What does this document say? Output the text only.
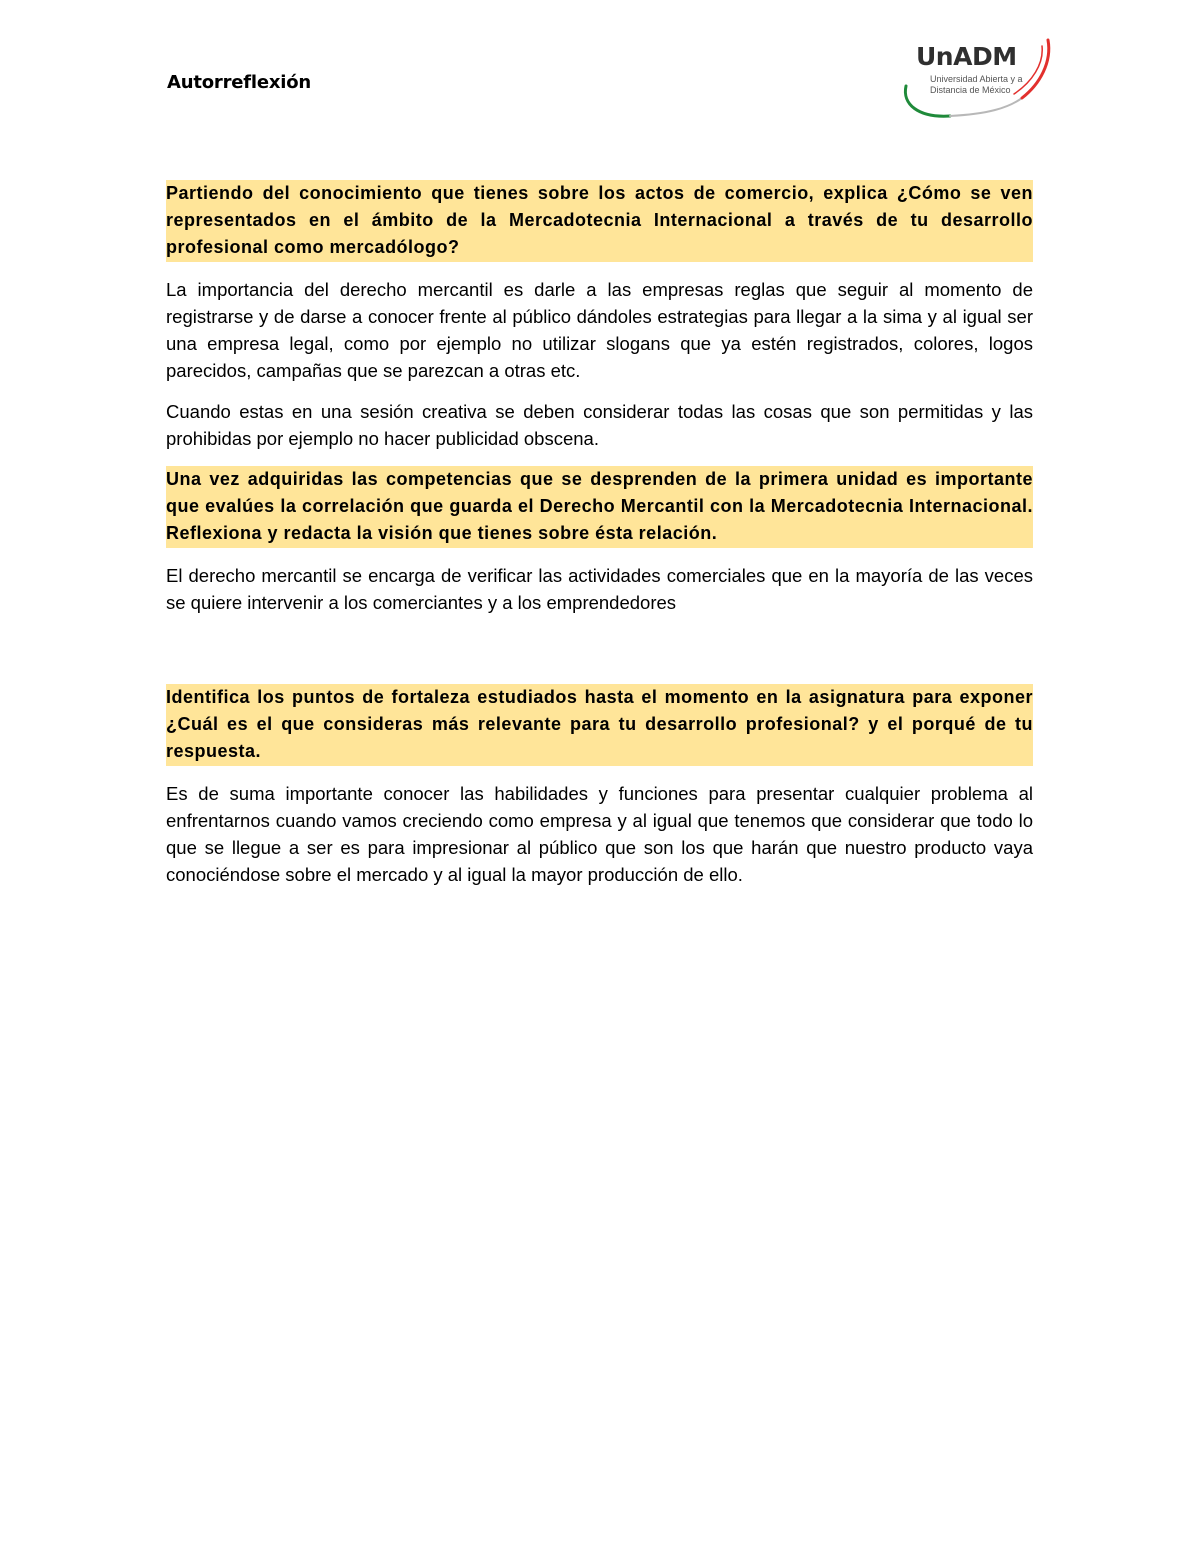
Autorreflexión
UnADM
Universidad Abierta y a
Distancia de México

Partiendo del conocimiento que tienes sobre los actos de comercio, explica ¿Cómo se ven representados en el ámbito de la Mercadotecnia Internacional a través de tu desarrollo profesional como mercadólogo?

La importancia del derecho mercantil es darle a las empresas reglas que seguir al momento de registrarse y de darse a conocer frente al público dándoles estrategias para llegar a la sima y al igual ser una empresa legal, como por ejemplo no utilizar slogans que ya estén registrados, colores, logos parecidos, campañas que se parezcan a otras etc.

Cuando estas en una sesión creativa se deben considerar todas las cosas que son permitidas y las prohibidas por ejemplo no hacer publicidad obscena.

Una vez adquiridas las competencias que se desprenden de la primera unidad es importante que evalúes la correlación que guarda el Derecho Mercantil con la Mercadotecnia Internacional. Reflexiona y redacta la visión que tienes sobre ésta relación.

El derecho mercantil se encarga de verificar las actividades comerciales que en la mayoría de las veces se quiere intervenir a los comerciantes y a los emprendedores

Identifica los puntos de fortaleza estudiados hasta el momento en la asignatura para exponer ¿Cuál es el que consideras más relevante para tu desarrollo profesional? y el porqué de tu respuesta.

Es de suma importante conocer las habilidades y funciones para presentar cualquier problema al enfrentarnos cuando vamos creciendo como empresa y al igual que tenemos que considerar que todo lo que se llegue a ser es para impresionar al público que son los que harán que nuestro producto vaya conociéndose sobre el mercado y al igual la mayor producción de ello.
